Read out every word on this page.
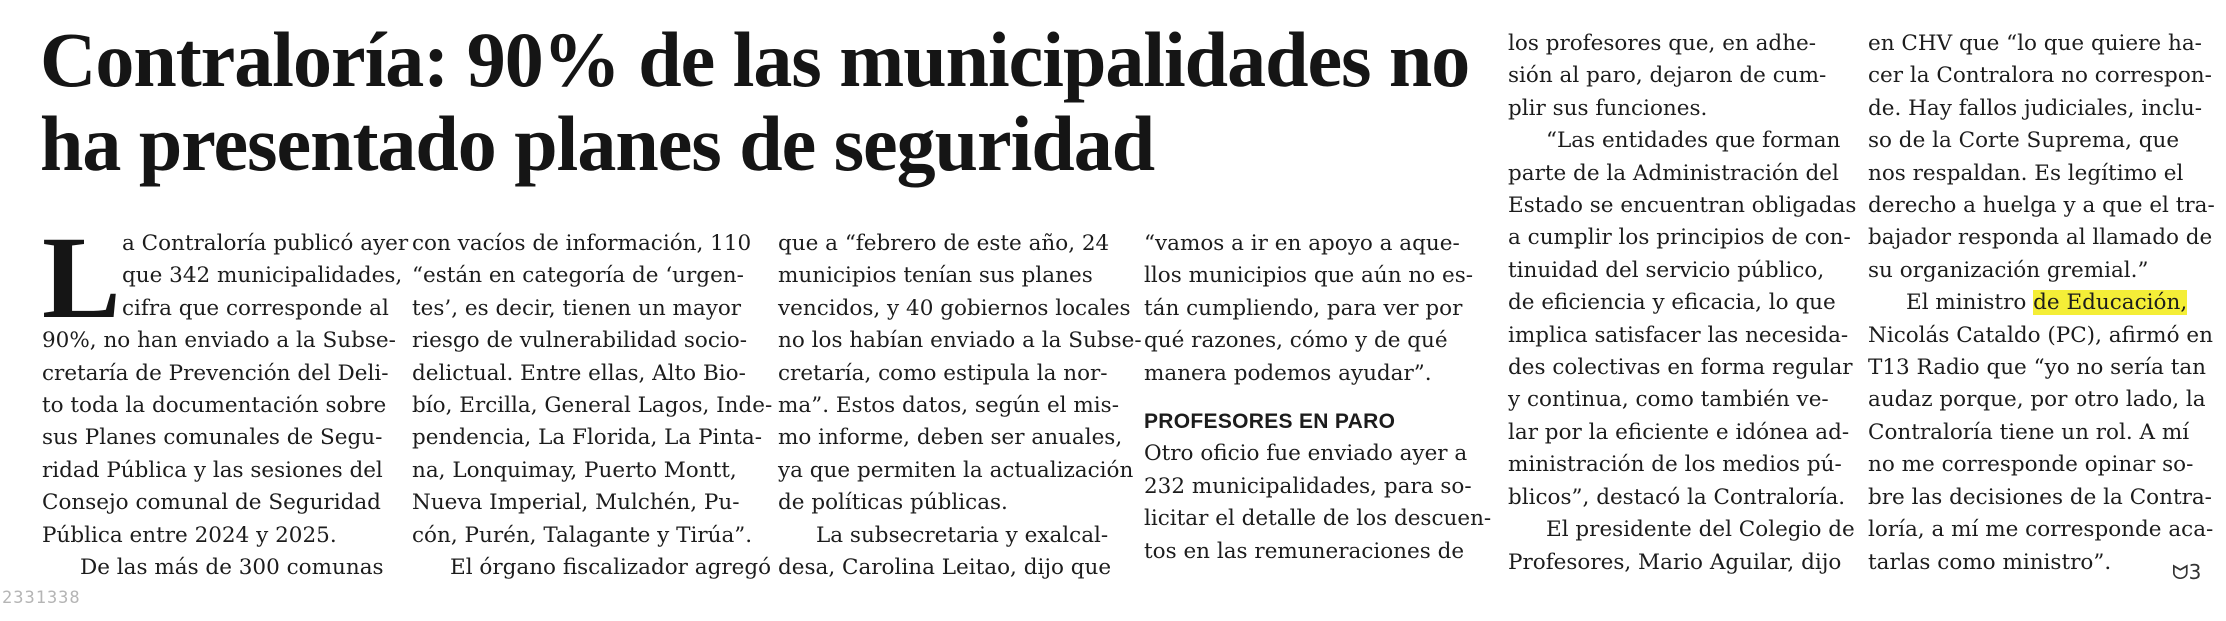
Contraloría: 90% de las municipalidades no ha presentado planes de seguridad
L a Contraloría publicó ayer
que 342 municipalidades,
cifra que corresponde al
90%, no han enviado a la Subse-
cretaría de Prevención del Deli-
to toda la documentación sobre
sus Planes comunales de Segu-
ridad Pública y las sesiones del
Consejo comunal de Seguridad
Pública entre 2024 y 2025.
De las más de 300 comunas
con vacíos de información, 110
“están en categoría de ‘urgen-
tes’, es decir, tienen un mayor
riesgo de vulnerabilidad socio-
delictual. Entre ellas, Alto Bio-
bío, Ercilla, General Lagos, Inde-
pendencia, La Florida, La Pinta-
na, Lonquimay, Puerto Montt,
Nueva Imperial, Mulchén, Pu-
cón, Purén, Talagante y Tirúa”.
El órgano fiscalizador agregó
que a “febrero de este año, 24
municipios tenían sus planes
vencidos, y 40 gobiernos locales
no los habían enviado a la Subse-
cretaría, como estipula la nor-
ma”. Estos datos, según el mis-
mo informe, deben ser anuales,
ya que permiten la actualización
de políticas públicas.
La subsecretaria y exalcal-
desa, Carolina Leitao, dijo que
“vamos a ir en apoyo a aque-
llos municipios que aún no es-
tán cumpliendo, para ver por
qué razones, cómo y de qué
manera podemos ayudar”.
PROFESORES EN PARO
Otro oficio fue enviado ayer a
232 municipalidades, para so-
licitar el detalle de los descuen-
tos en las remuneraciones de
los profesores que, en adhe-
sión al paro, dejaron de cum-
plir sus funciones.
“Las entidades que forman
parte de la Administración del
Estado se encuentran obligadas
a cumplir los principios de con-
tinuidad del servicio público,
de eficiencia y eficacia, lo que
implica satisfacer las necesida-
des colectivas en forma regular
y continua, como también ve-
lar por la eficiente e idónea ad-
ministración de los medios pú-
blicos”, destacó la Contraloría.
El presidente del Colegio de
Profesores, Mario Aguilar, dijo
en CHV que “lo que quiere ha-
cer la Contralora no correspon-
de. Hay fallos judiciales, inclu-
so de la Corte Suprema, que
nos respaldan. Es legítimo el
derecho a huelga y a que el tra-
bajador responda al llamado de
su organización gremial.”
El ministro de Educación,
Nicolás Cataldo (PC), afirmó en
T13 Radio que “yo no sería tan
audaz porque, por otro lado, la
Contraloría tiene un rol. A mí
no me corresponde opinar so-
bre las decisiones de la Contra-
loría, a mí me corresponde aca-
tarlas como ministro”.	ᗢ3
2331338
